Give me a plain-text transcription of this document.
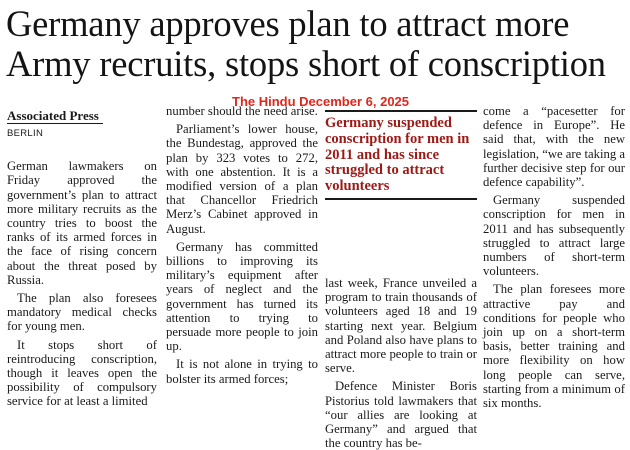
Germany approves plan to attract more
Army recruits, stops short of conscription
The Hindu December 6, 2025
Associated Press
BERLIN

German lawmakers on Friday approved the government’s plan to attract more military recruits as the country tries to boost the ranks of its armed forces in the face of rising concern about the threat posed by Russia.

The plan also foresees mandatory medical checks for young men.

It stops short of reintroducing conscription, though it leaves open the possibility of compulsory service for at least a limited

number should the need arise.

Parliament’s lower house, the Bundestag, approved the plan by 323 votes to 272, with one abstention. It is a modified version of a plan that Chancellor Friedrich Merz’s Cabinet approved in August.

Germany has committed billions to improving its military’s equipment after years of neglect and the government has turned its attention to trying to persuade more people to join up.

It is not alone in trying to bolster its armed forces;

Germany suspended conscription for men in 2011 and has since struggled to attract volunteers

last week, France unveiled a program to train thousands of volunteers aged 18 and 19 starting next year. Belgium and Poland also have plans to attract more people to train or serve.

Defence Minister Boris Pistorius told lawmakers that “our allies are looking at Germany” and argued that the country has be-

come a “pacesetter for defence in Europe”. He said that, with the new legislation, “we are taking a further decisive step for our defence capability”.

Germany suspended conscription for men in 2011 and has subsequently struggled to attract large numbers of short-term volunteers.

The plan foresees more attractive pay and conditions for people who join up on a short-term basis, better training and more flexibility on how long people can serve, starting from a minimum of six months.
